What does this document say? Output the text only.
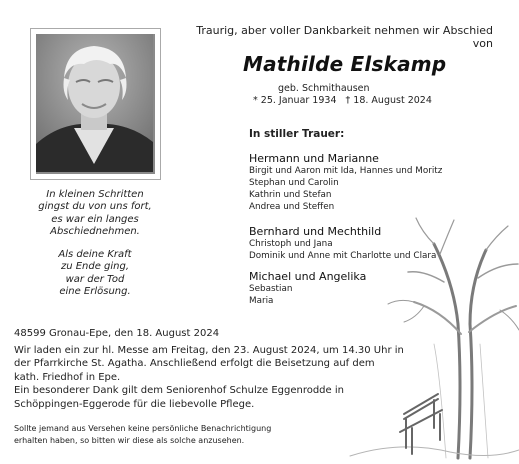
In kleinen Schritten

gingst du von uns fort,

es war ein langes

Abschiednehmen.

Als deine Kraft

zu Ende ging,

war der Tod

eine Erlösung.

Traurig, aber voller Dankbarkeit nehmen wir Abschied von
Mathilde Elskamp
geb. Schmithausen
* 25. Januar 1934 † 18. August 2024
In stiller Trauer:
Hermann und Marianne
Birgit und Aaron mit Ida, Hannes und Moritz
Stephan und Carolin
Kathrin und Stefan
Andrea und Steffen
Bernhard und Mechthild
Christoph und Jana
Dominik und Anne mit Charlotte und Clara
Michael und Angelika
Sebastian
Maria
48599 Gronau-Epe, den 18. August 2024

Wir laden ein zur hl. Messe am Freitag, den 23. August 2024, um 14.30 Uhr in

der Pfarrkirche St. Agatha. Anschließend erfolgt die Beisetzung auf dem

kath. Friedhof in Epe.

Ein besonderer Dank gilt dem Seniorenhof Schulze Eggenrodde in

Schöppingen-Eggerode für die liebevolle Pflege.

Sollte jemand aus Versehen keine persönliche Benachrichtigung
erhalten haben, so bitten wir diese als solche anzusehen.
